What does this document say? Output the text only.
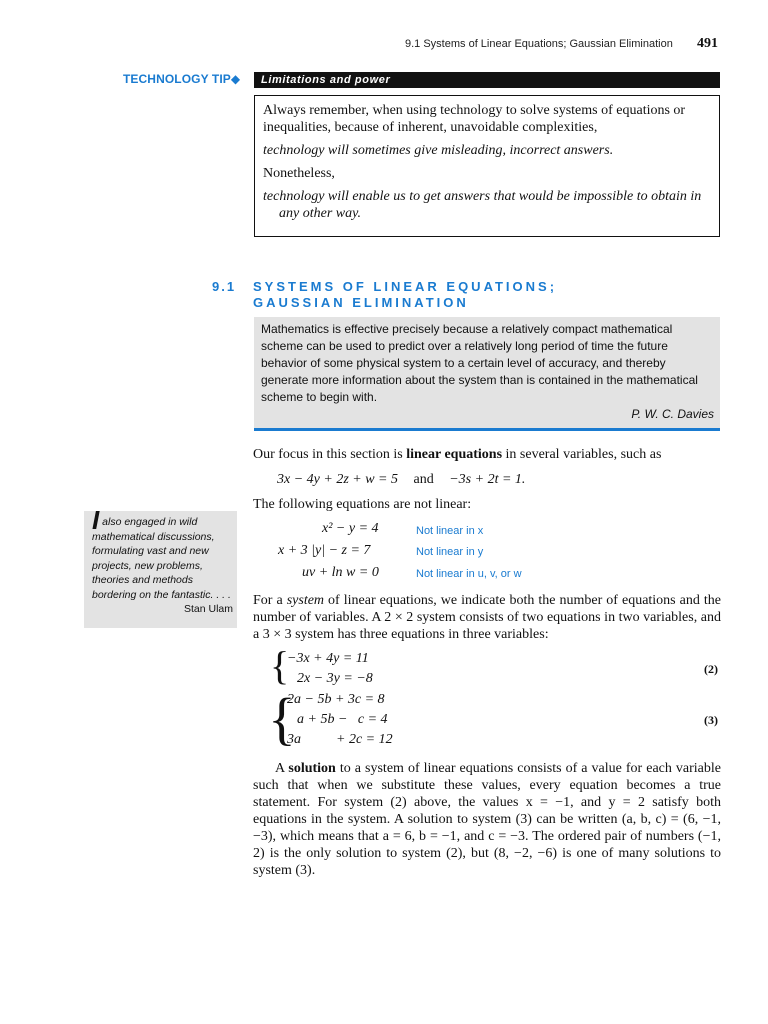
9.1 Systems of Linear Equations; Gaussian Elimination 491
TECHNOLOGY TIP◆	Limitations and power

Always remember, when using technology to solve systems of equations or inequalities, because of inherent, unavoidable complexities,

technology will sometimes give misleading, incorrect answers.

Nonetheless,

technology will enable us to get answers that would be impossible to obtain in any other way.

9.1 SYSTEMS OF LINEAR EQUATIONS;
GAUSSIAN ELIMINATION
Mathematics is effective precisely because a relatively compact mathematical scheme can be used to predict over a relatively long period of time the future behavior of some physical system to a certain level of accuracy, and thereby generate more information about the system than is contained in the mathematical scheme to begin with.
P. W. C. Davies
Our focus in this section is linear equations in several variables, such as
3x − 4y + 2z + w = 5 and −3s + 2t = 1.
The following equations are not linear:
x² − y = 4	Not linear in x
x + 3 |y| − z = 7	Not linear in y
uv + ln w = 0	Not linear in u, v, or w
I also engaged in wild mathematical discussions, formulating vast and new projects, new problems, theories and methods bordering on the fantastic. . . .
Stan Ulam
For a system of linear equations, we indicate both the number of equations and the number of variables. A 2 × 2 system consists of two equations in two variables, and a 3 × 3 system has three equations in three variables:
{
−3x + 4y = 11
2x − 3y = −8
(2)
{
2a − 5b + 3c = 8
a + 5b −   c = 4
3a          + 2c = 12
(3)
A solution to a system of linear equations consists of a value for each variable such that when we substitute these values, every equation becomes a true statement. For system (2) above, the values x = −1, and y = 2 satisfy both equations in the system. A solution to system (3) can be written (a, b, c) = (6, −1, −3), which means that a = 6, b = −1, and c = −3. The ordered pair of numbers (−1, 2) is the only solution to system (2), but (8, −2, −6) is one of many solutions to system (3).
